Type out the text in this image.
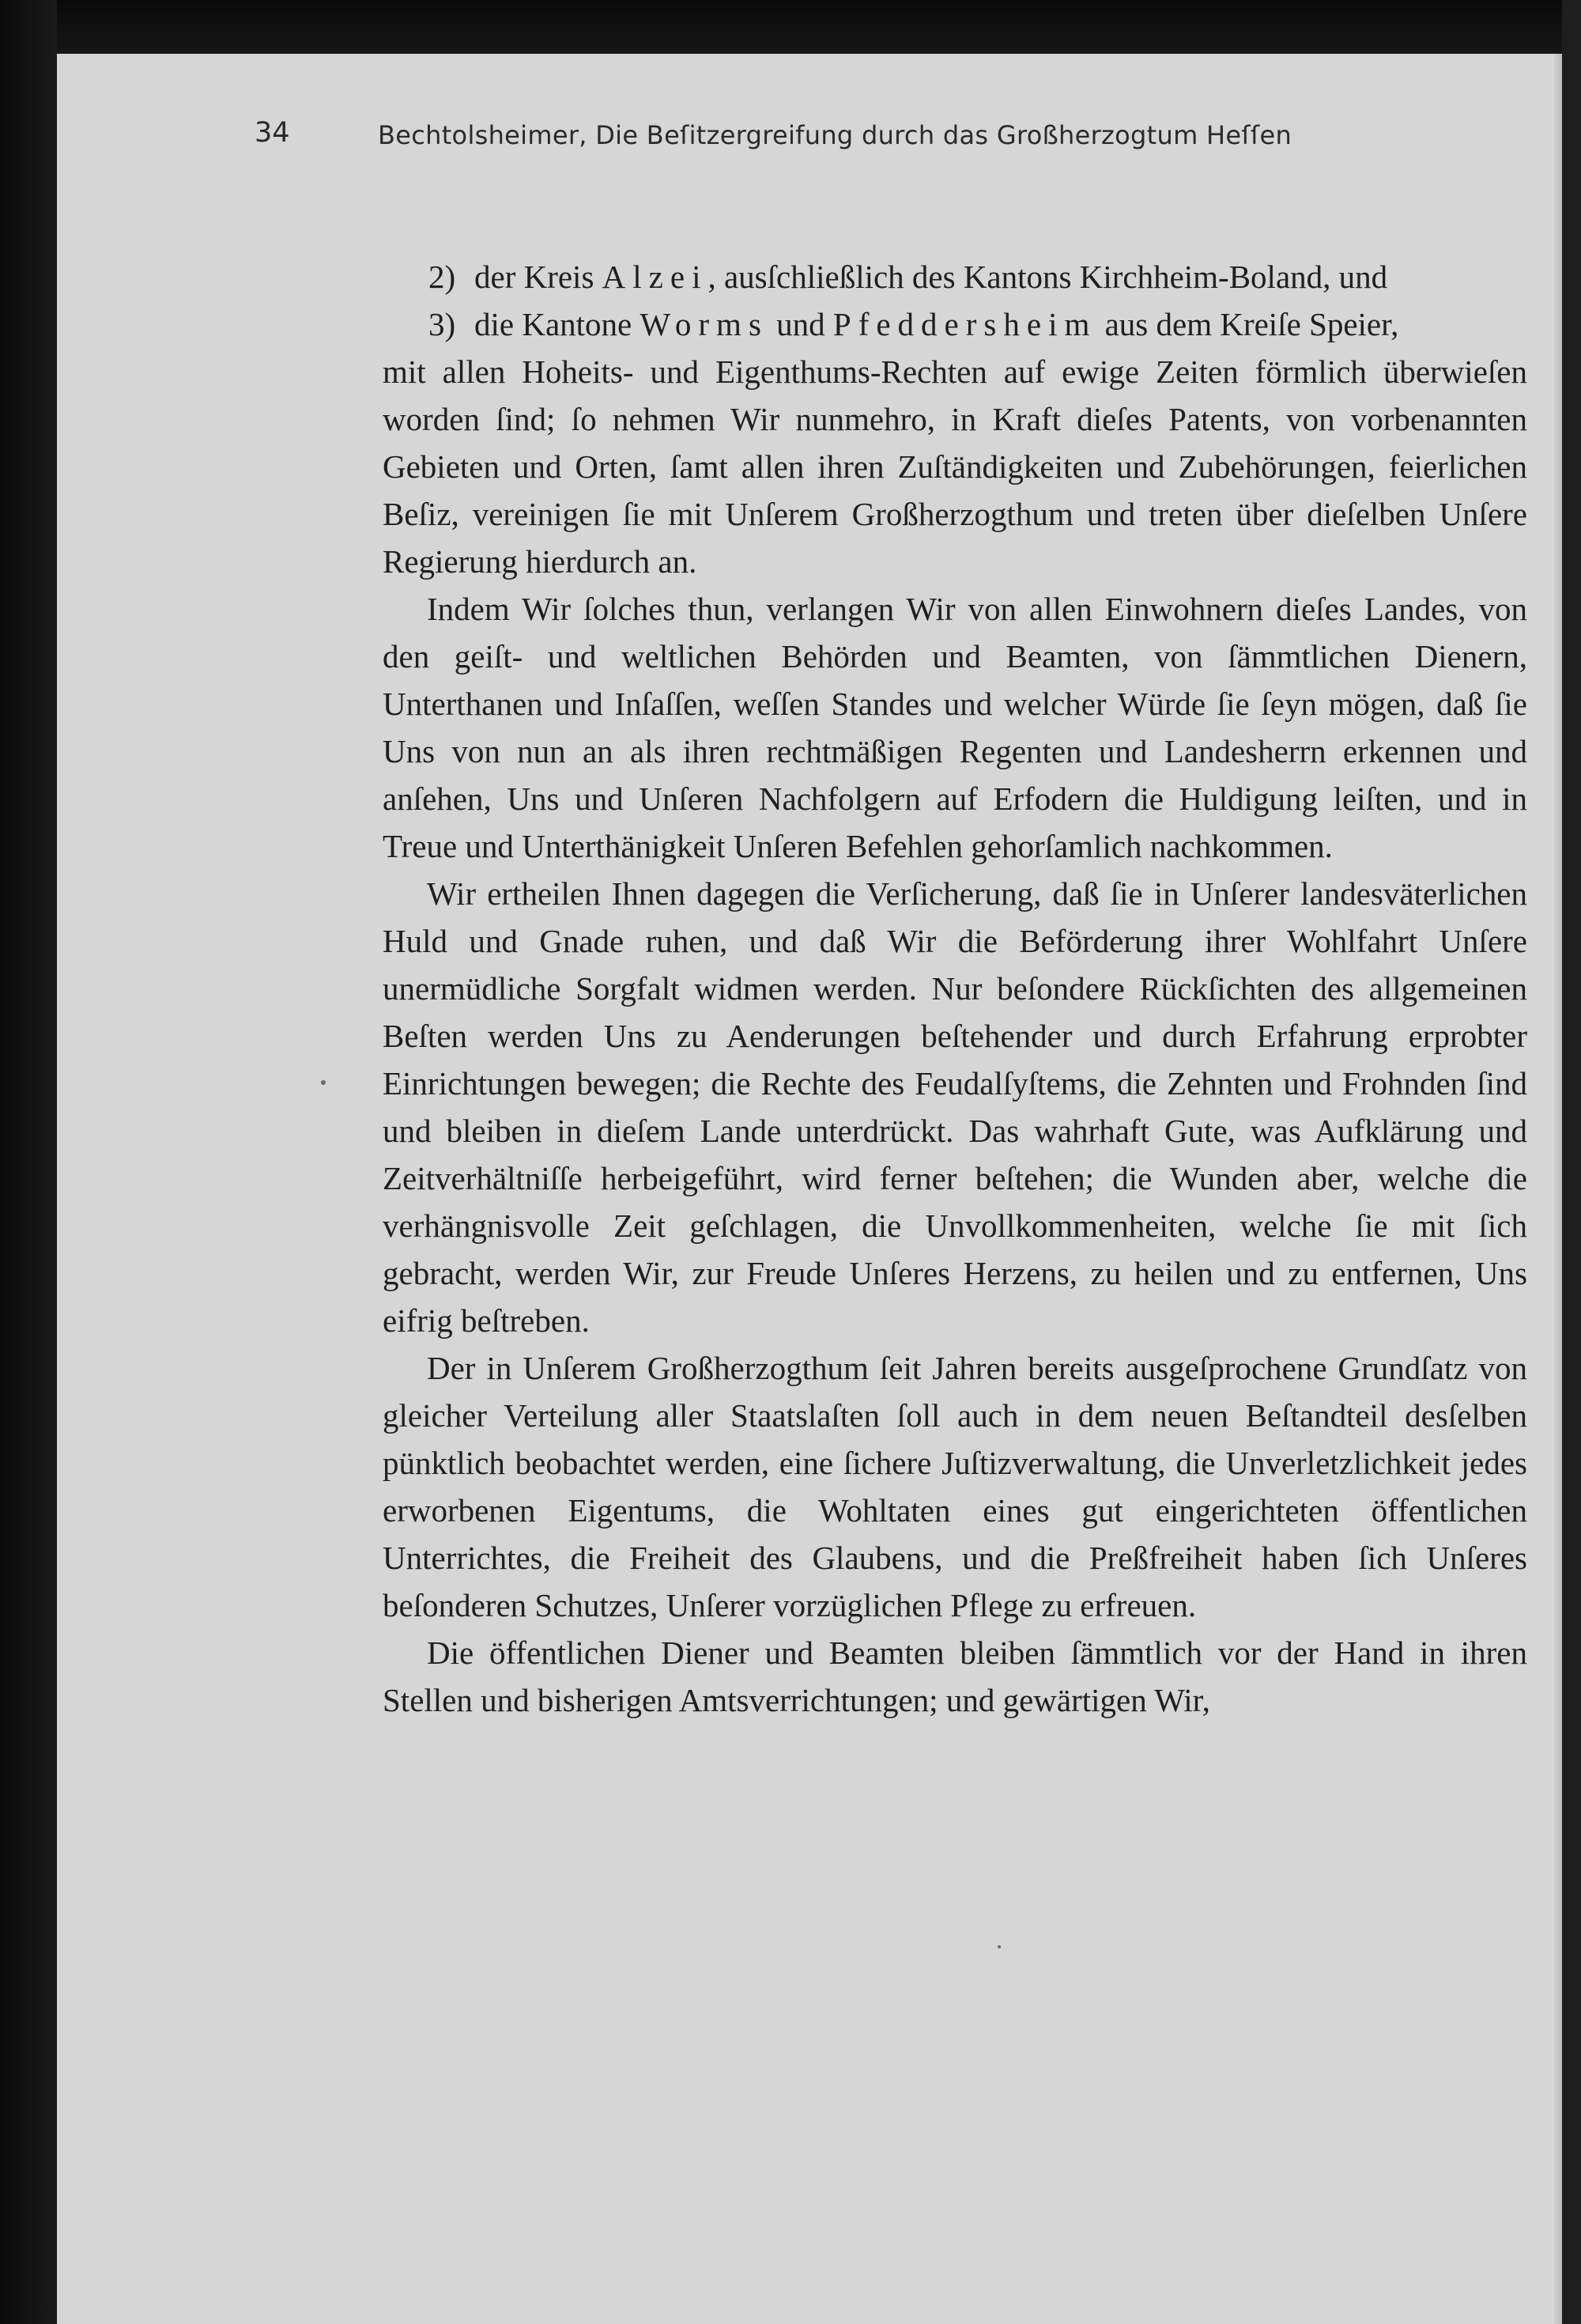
34	Bechtolsheimer, Die Beſitzergreifung durch das Großherzogtum Heſſen
2) der Kreis Alzei, ausſchließlich des Kantons Kirchheim-Boland, und
3) die Kantone Worms und Pfeddersheim aus dem Kreiſe Speier,

mit allen Hoheits- und Eigenthums-Rechten auf ewige Zeiten förmlich überwieſen worden ſind; ſo nehmen Wir nunmehro, in Kraft dieſes Patents, von vorbenannten Gebieten und Orten, ſamt allen ihren Zuſtändigkeiten und Zubehörungen, feierlichen Beſiz, vereinigen ſie mit Unſerem Großherzogthum und treten über dieſelben Unſere Regierung hierdurch an.

Indem Wir ſolches thun, verlangen Wir von allen Einwohnern dieſes Landes, von den geiſt- und weltlichen Behörden und Beamten, von ſämmtlichen Dienern, Unterthanen und Inſaſſen, weſſen Standes und welcher Würde ſie ſeyn mögen, daß ſie Uns von nun an als ihren rechtmäßigen Regenten und Landesherrn erkennen und anſehen, Uns und Unſeren Nachfolgern auf Erfodern die Huldigung leiſten, und in Treue und Unterthänigkeit Unſeren Befehlen gehorſamlich nachkommen.

Wir ertheilen Ihnen dagegen die Verſicherung, daß ſie in Unſerer landesväterlichen Huld und Gnade ruhen, und daß Wir die Beförderung ihrer Wohlfahrt Unſere unermüdliche Sorgfalt widmen werden. Nur beſondere Rückſichten des allgemeinen Beſten werden Uns zu Aenderungen beſtehender und durch Erfahrung erprobter Einrichtungen bewegen; die Rechte des Feudalſyſtems, die Zehnten und Frohnden ſind und bleiben in dieſem Lande unterdrückt. Das wahrhaft Gute, was Aufklärung und Zeitverhältniſſe herbeigeführt, wird ferner beſtehen; die Wunden aber, welche die verhängnisvolle Zeit geſchlagen, die Unvollkommenheiten, welche ſie mit ſich gebracht, werden Wir, zur Freude Unſeres Herzens, zu heilen und zu entfernen, Uns eifrig beſtreben.

Der in Unſerem Großherzogthum ſeit Jahren bereits ausgeſprochene Grundſatz von gleicher Verteilung aller Staatslaſten ſoll auch in dem neuen Beſtandteil desſelben pünktlich beobachtet werden, eine ſichere Juſtizverwaltung, die Unverletzlichkeit jedes erworbenen Eigentums, die Wohltaten eines gut eingerichteten öffentlichen Unterrichtes, die Freiheit des Glaubens, und die Preßfreiheit haben ſich Unſeres beſonderen Schutzes, Unſerer vorzüglichen Pflege zu erfreuen.

Die öffentlichen Diener und Beamten bleiben ſämmtlich vor der Hand in ihren Stellen und bisherigen Amtsverrichtungen; und gewärtigen Wir,
